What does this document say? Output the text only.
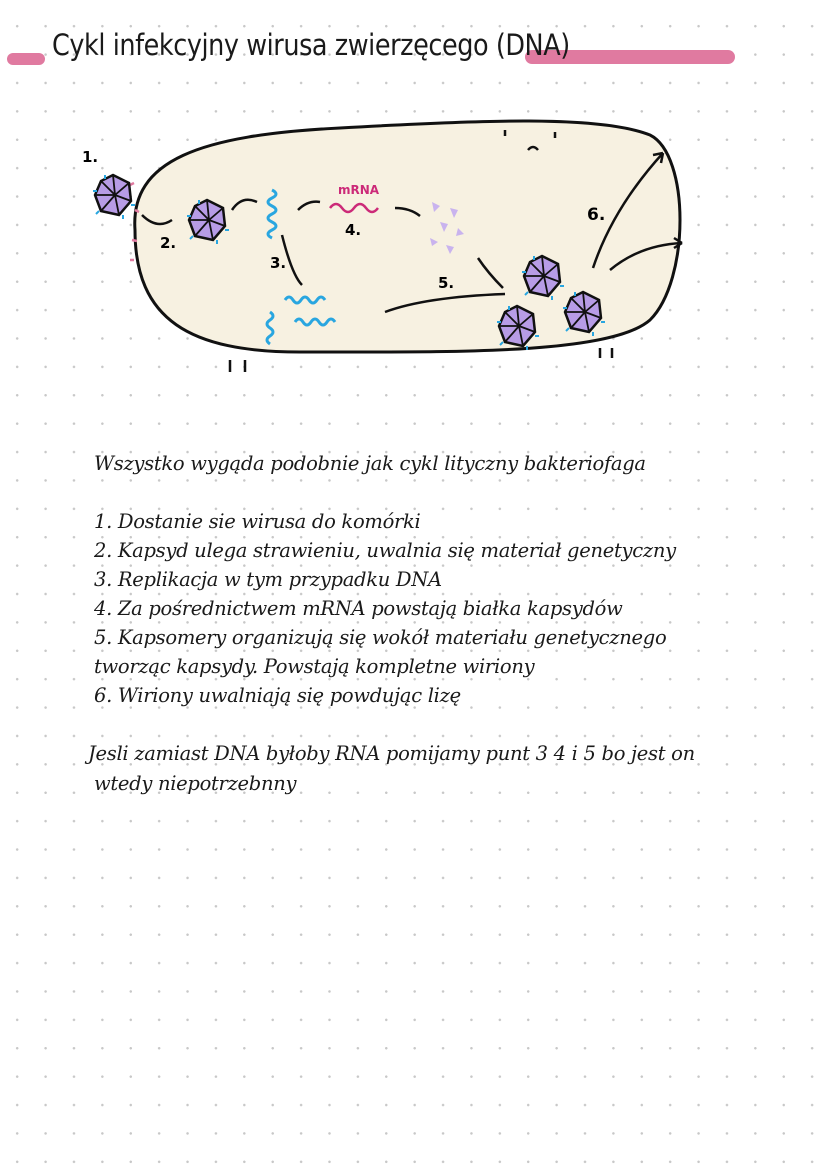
Cykl infekcyjny wirusa zwierzęcego (DNA)
1.
2.
mRNA
4.
3.
5.
6.
Wszystko wygąda podobnie jak cykl lityczny bakteriofaga
1. Dostanie sie wirusa do komórki
2. Kapsyd ulega strawieniu, uwalnia się materiał genetyczny
3. Replikacja w tym przypadku DNA
4. Za pośrednictwem mRNA powstają białka kapsydów
5. Kapsomery organizują się wokół materiału genetycznego
tworząc kapsydy. Powstają kompletne wiriony
6. Wiriony uwalniają się powdując lizę
Jesli zamiast DNA byłoby RNA pomijamy punt 3 4 i 5 bo jest on
wtedy niepotrzebnny
